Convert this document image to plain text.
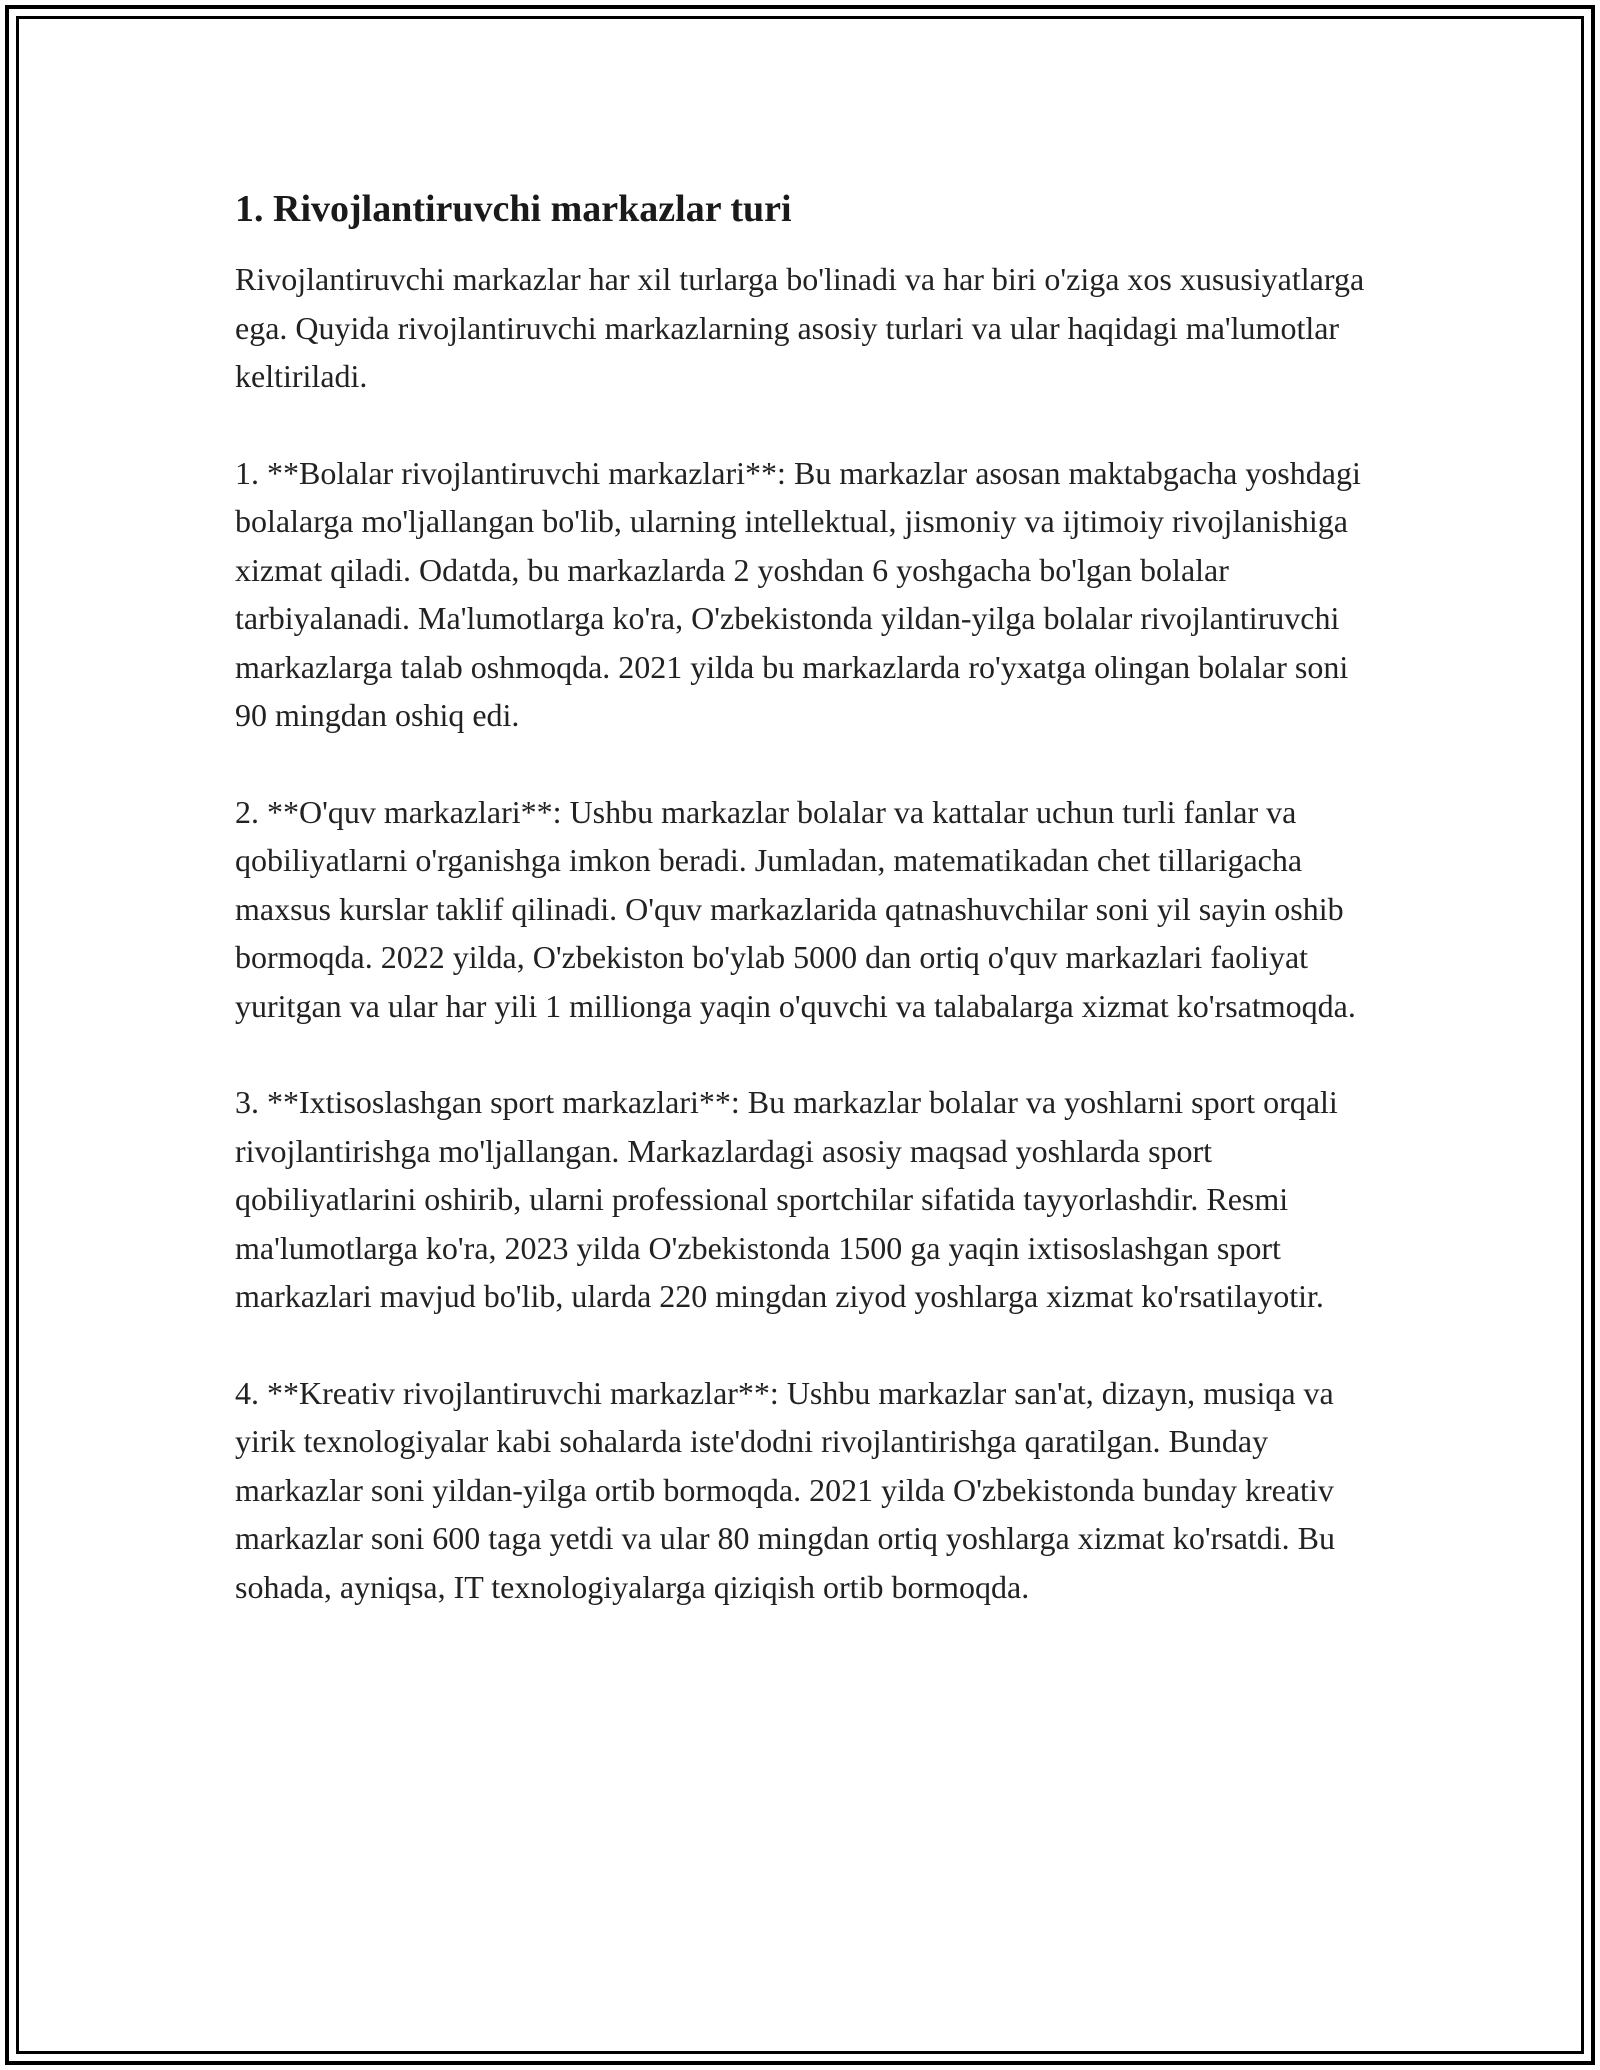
1. Rivojlantiruvchi markazlar turi

Rivojlantiruvchi markazlar har xil turlarga bo'linadi va har biri o'ziga xos xususiyatlarga ega. Quyida rivojlantiruvchi markazlarning asosiy turlari va ular haqidagi ma'lumotlar keltiriladi.

1. **Bolalar rivojlantiruvchi markazlari**: Bu markazlar asosan maktabgacha yoshdagi bolalarga mo'ljallangan bo'lib, ularning intellektual, jismoniy va ijtimoiy rivojlanishiga xizmat qiladi. Odatda, bu markazlarda 2 yoshdan 6 yoshgacha bo'lgan bolalar tarbiyalanadi. Ma'lumotlarga ko'ra, O'zbekistonda yildan-yilga bolalar rivojlantiruvchi markazlarga talab oshmoqda. 2021 yilda bu markazlarda ro'yxatga olingan bolalar soni 90 mingdan oshiq edi.

2. **O'quv markazlari**: Ushbu markazlar bolalar va kattalar uchun turli fanlar va qobiliyatlarni o'rganishga imkon beradi. Jumladan, matematikadan chet tillarigacha maxsus kurslar taklif qilinadi. O'quv markazlarida qatnashuvchilar soni yil sayin oshib bormoqda. 2022 yilda, O'zbekiston bo'ylab 5000 dan ortiq o'quv markazlari faoliyat yuritgan va ular har yili 1 millionga yaqin o'quvchi va talabalarga xizmat ko'rsatmoqda.

3. **Ixtisoslashgan sport markazlari**: Bu markazlar bolalar va yoshlarni sport orqali rivojlantirishga mo'ljallangan. Markazlardagi asosiy maqsad yoshlarda sport qobiliyatlarini oshirib, ularni professional sportchilar sifatida tayyorlashdir. Resmi ma'lumotlarga ko'ra, 2023 yilda O'zbekistonda 1500 ga yaqin ixtisoslashgan sport markazlari mavjud bo'lib, ularda 220 mingdan ziyod yoshlarga xizmat ko'rsatilayotir.

4. **Kreativ rivojlantiruvchi markazlar**: Ushbu markazlar san'at, dizayn, musiqa va yirik texnologiyalar kabi sohalarda iste'dodni rivojlantirishga qaratilgan. Bunday markazlar soni yildan-yilga ortib bormoqda. 2021 yilda O'zbekistonda bunday kreativ markazlar soni 600 taga yetdi va ular 80 mingdan ortiq yoshlarga xizmat ko'rsatdi. Bu sohada, ayniqsa, IT texnologiyalarga qiziqish ortib bormoqda.
